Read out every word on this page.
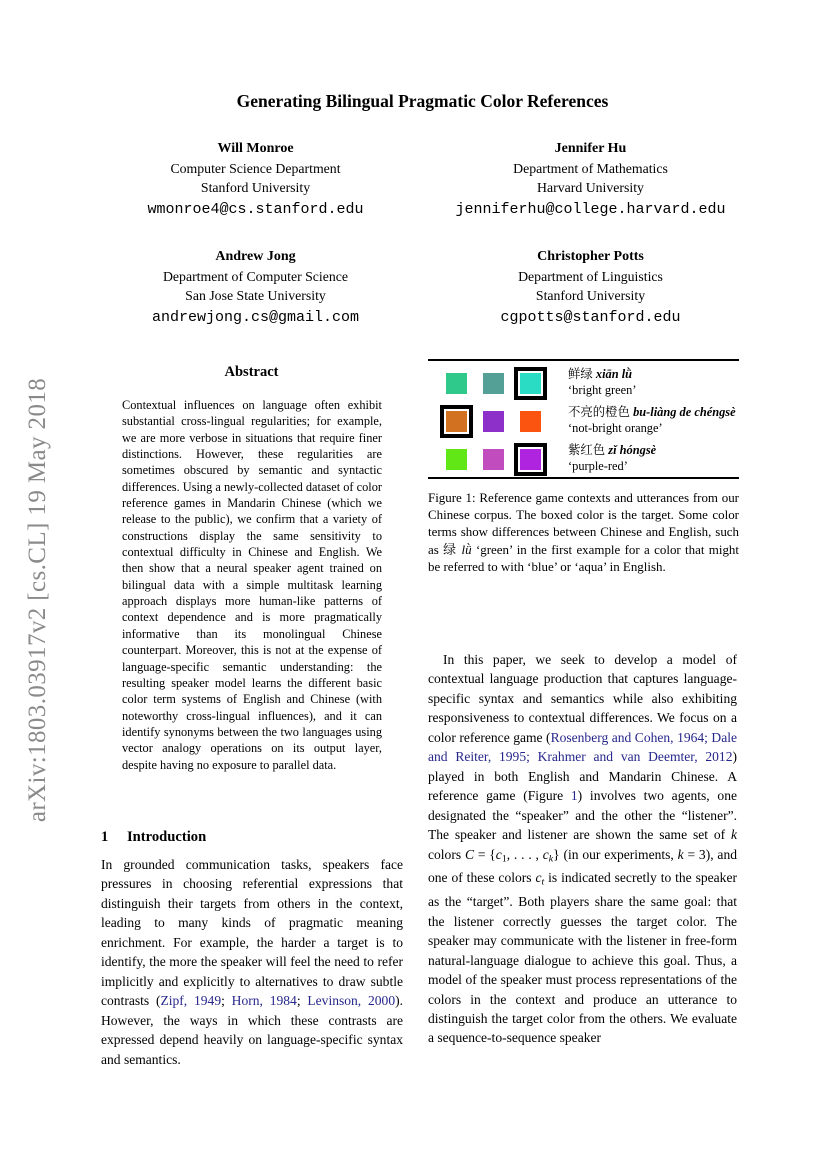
arXiv:1803.03917v2 [cs.CL] 19 May 2018
Generating Bilingual Pragmatic Color References
Will Monroe
Computer Science Department
Stanford University
wmonroe4@cs.stanford.edu
Jennifer Hu
Department of Mathematics
Harvard University
jenniferhu@college.harvard.edu
Andrew Jong
Department of Computer Science
San Jose State University
andrewjong.cs@gmail.com
Christopher Potts
Department of Linguistics
Stanford University
cgpotts@stanford.edu
Abstract
Contextual influences on language often exhibit substantial cross-lingual regularities; for example, we are more verbose in situations that require finer distinctions. However, these regularities are sometimes obscured by semantic and syntactic differences. Using a newly-collected dataset of color reference games in Mandarin Chinese (which we release to the public), we confirm that a variety of constructions display the same sensitivity to contextual difficulty in Chinese and English. We then show that a neural speaker agent trained on bilingual data with a simple multitask learning approach displays more human-like patterns of context dependence and is more pragmatically informative than its monolingual Chinese counterpart. Moreover, this is not at the expense of language-specific semantic understanding: the resulting speaker model learns the different basic color term systems of English and Chinese (with noteworthy cross-lingual influences), and it can identify synonyms between the two languages using vector analogy operations on its output layer, despite having no exposure to parallel data.
1 Introduction
In grounded communication tasks, speakers face pressures in choosing referential expressions that distinguish their targets from others in the context, leading to many kinds of pragmatic meaning enrichment. For example, the harder a target is to identify, the more the speaker will feel the need to refer implicitly and explicitly to alternatives to draw subtle contrasts (Zipf, 1949; Horn, 1984; Levinson, 2000). However, the ways in which these contrasts are expressed depend heavily on language-specific syntax and semantics.
鲜绿 xiān lǜ
‘bright green’
不亮的橙色 bu-liàng de chéngsè
‘not-bright orange’
紫红色 zǐ hóngsè
‘purple-red’
Figure 1: Reference game contexts and utterances from our Chinese corpus. The boxed color is the target. Some color terms show differences between Chinese and English, such as 绿 lǜ ‘green’ in the first example for a color that might be referred to with ‘blue’ or ‘aqua’ in English.
In this paper, we seek to develop a model of contextual language production that captures language-specific syntax and semantics while also exhibiting responsiveness to contextual differences. We focus on a color reference game (Rosenberg and Cohen, 1964; Dale and Reiter, 1995; Krahmer and van Deemter, 2012) played in both English and Mandarin Chinese. A reference game (Figure 1) involves two agents, one designated the “speaker” and the other the “listener”. The speaker and listener are shown the same set of k colors C = {c1, . . . , ck} (in our experiments, k = 3), and one of these colors ct is indicated secretly to the speaker as the “target”. Both players share the same goal: that the listener correctly guesses the target color. The speaker may communicate with the listener in free-form natural-language dialogue to achieve this goal. Thus, a model of the speaker must process representations of the colors in the context and produce an utterance to distinguish the target color from the others. We evaluate a sequence-to-sequence speaker
